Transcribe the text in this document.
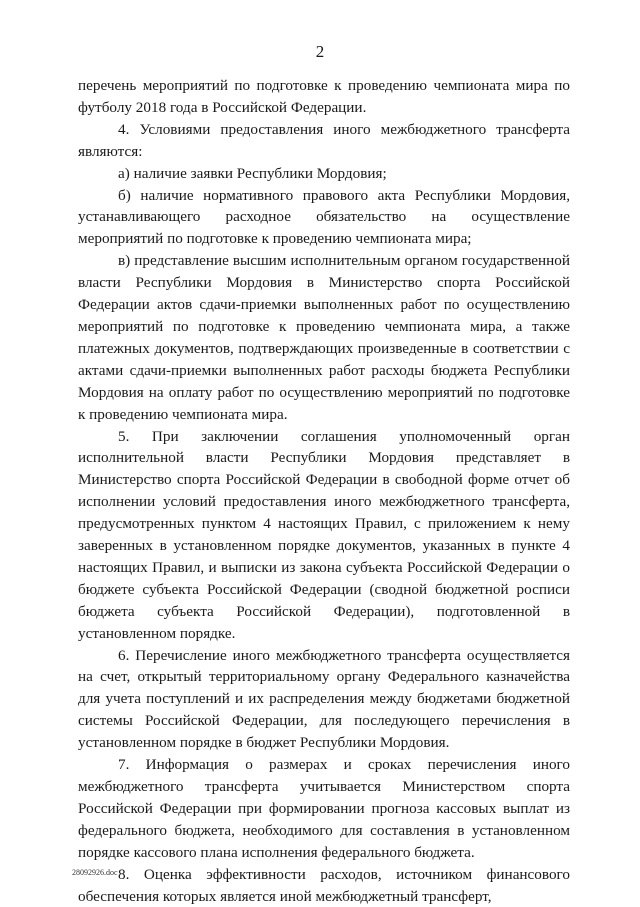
2

перечень мероприятий по подготовке к проведению чемпионата мира по футболу 2018 года в Российской Федерации.

4. Условиями предоставления иного межбюджетного трансферта являются:

а) наличие заявки Республики Мордовия;

б) наличие нормативного правового акта Республики Мордовия, устанавливающего расходное обязательство на осуществление мероприятий по подготовке к проведению чемпионата мира;

в) представление высшим исполнительным органом государственной власти Республики Мордовия в Министерство спорта Российской Федерации актов сдачи-приемки выполненных работ по осуществлению мероприятий по подготовке к проведению чемпионата мира, а также платежных документов, подтверждающих произведенные в соответствии с актами сдачи-приемки выполненных работ расходы бюджета Республики Мордовия на оплату работ по осуществлению мероприятий по подготовке к проведению чемпионата мира.

5. При заключении соглашения уполномоченный орган исполнительной власти Республики Мордовия представляет в Министерство спорта Российской Федерации в свободной форме отчет об исполнении условий предоставления иного межбюджетного трансферта, предусмотренных пунктом 4 настоящих Правил, с приложением к нему заверенных в установленном порядке документов, указанных в пункте 4 настоящих Правил, и выписки из закона субъекта Российской Федерации о бюджете субъекта Российской Федерации (сводной бюджетной росписи бюджета субъекта Российской Федерации), подготовленной в установленном порядке.

6. Перечисление иного межбюджетного трансферта осуществляется на счет, открытый территориальному органу Федерального казначейства для учета поступлений и их распределения между бюджетами бюджетной системы Российской Федерации, для последующего перечисления в установленном порядке в бюджет Республики Мордовия.

7. Информация о размерах и сроках перечисления иного межбюджетного трансферта учитывается Министерством спорта Российской Федерации при формировании прогноза кассовых выплат из федерального бюджета, необходимого для составления в установленном порядке кассового плана исполнения федерального бюджета.

8. Оценка эффективности расходов, источником финансового обеспечения которых является иной межбюджетный трансферт,

28092926.doc
